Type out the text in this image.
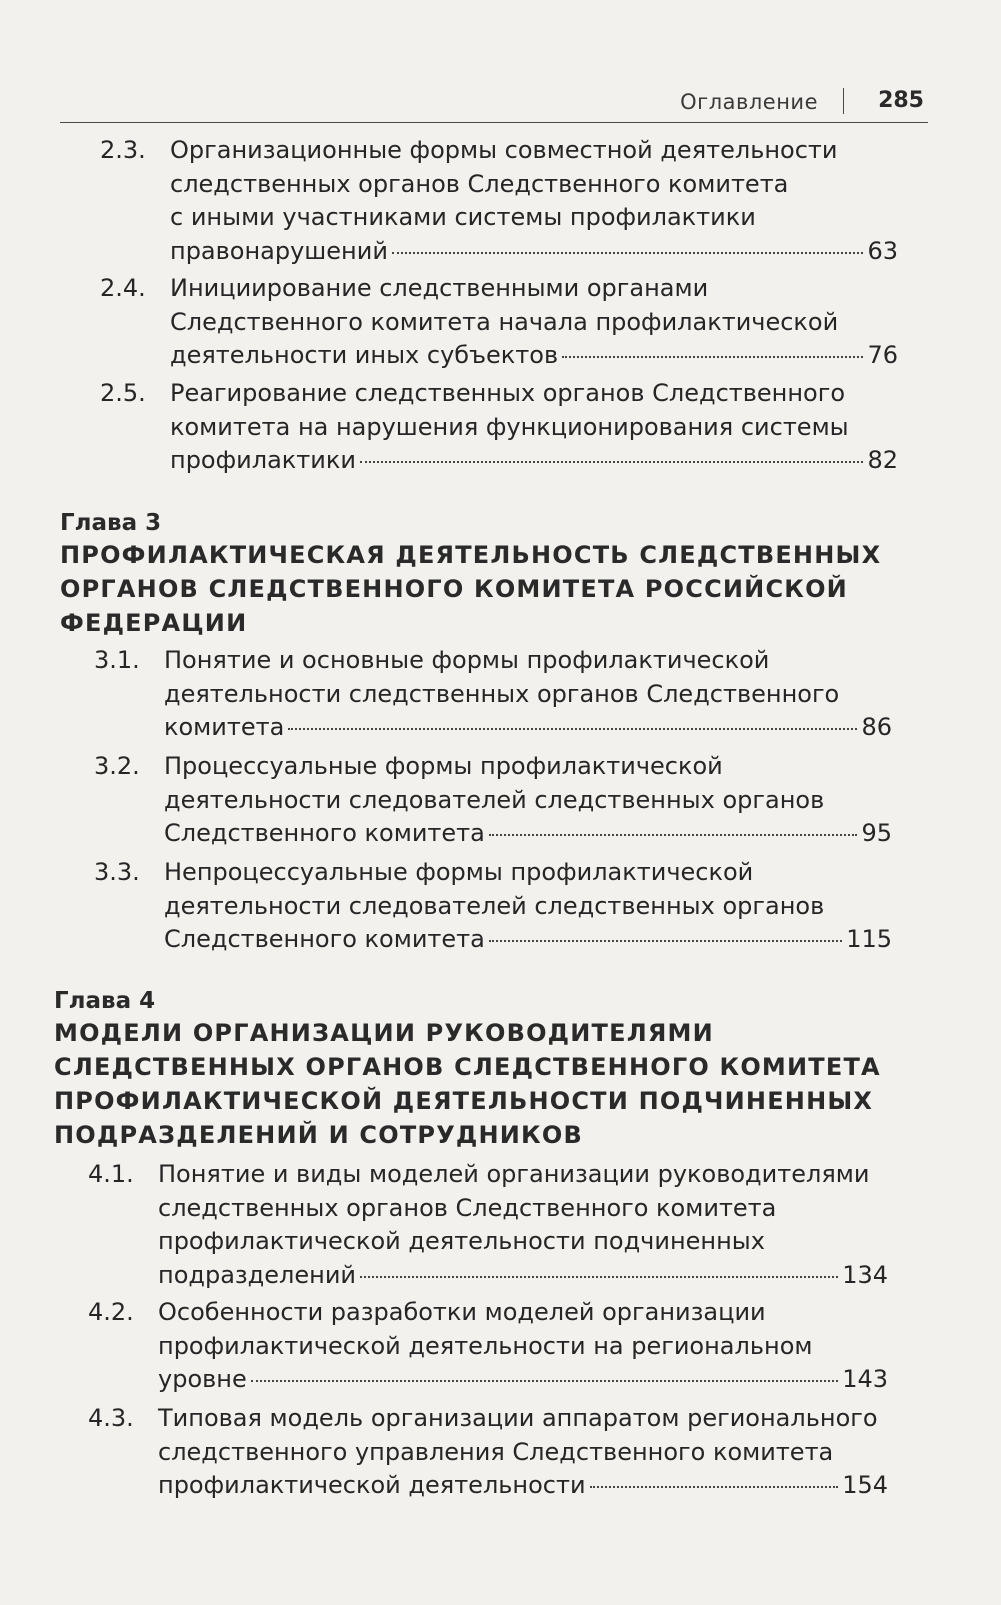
Оглавление	285
2.3. Организационные формы совместной деятельности
следственных органов Следственного комитета
с иными участниками системы профилактики
правонарушений	63
2.4. Инициирование следственными органами
Следственного комитета начала профилактической
деятельности иных субъектов	76
2.5. Реагирование следственных органов Следственного
комитета на нарушения функционирования системы
профилактики	82
Глава 3
ПРОФИЛАКТИЧЕСКАЯ ДЕЯТЕЛЬНОСТЬ СЛЕДСТВЕННЫХ
ОРГАНОВ СЛЕДСТВЕННОГО КОМИТЕТА РОССИЙСКОЙ
ФЕДЕРАЦИИ
3.1. Понятие и основные формы профилактической
деятельности следственных органов Следственного
комитета	86
3.2. Процессуальные формы профилактической
деятельности следователей следственных органов
Следственного комитета	95
3.3. Непроцессуальные формы профилактической
деятельности следователей следственных органов
Следственного комитета	115
Глава 4
МОДЕЛИ ОРГАНИЗАЦИИ РУКОВОДИТЕЛЯМИ
СЛЕДСТВЕННЫХ ОРГАНОВ СЛЕДСТВЕННОГО КОМИТЕТА
ПРОФИЛАКТИЧЕСКОЙ ДЕЯТЕЛЬНОСТИ ПОДЧИНЕННЫХ
ПОДРАЗДЕЛЕНИЙ И СОТРУДНИКОВ
4.1. Понятие и виды моделей организации руководителями
следственных органов Следственного комитета
профилактической деятельности подчиненных
подразделений	134
4.2. Особенности разработки моделей организации
профилактической деятельности на региональном
уровне	143
4.3. Типовая модель организации аппаратом регионального
следственного управления Следственного комитета
профилактической деятельности	154
